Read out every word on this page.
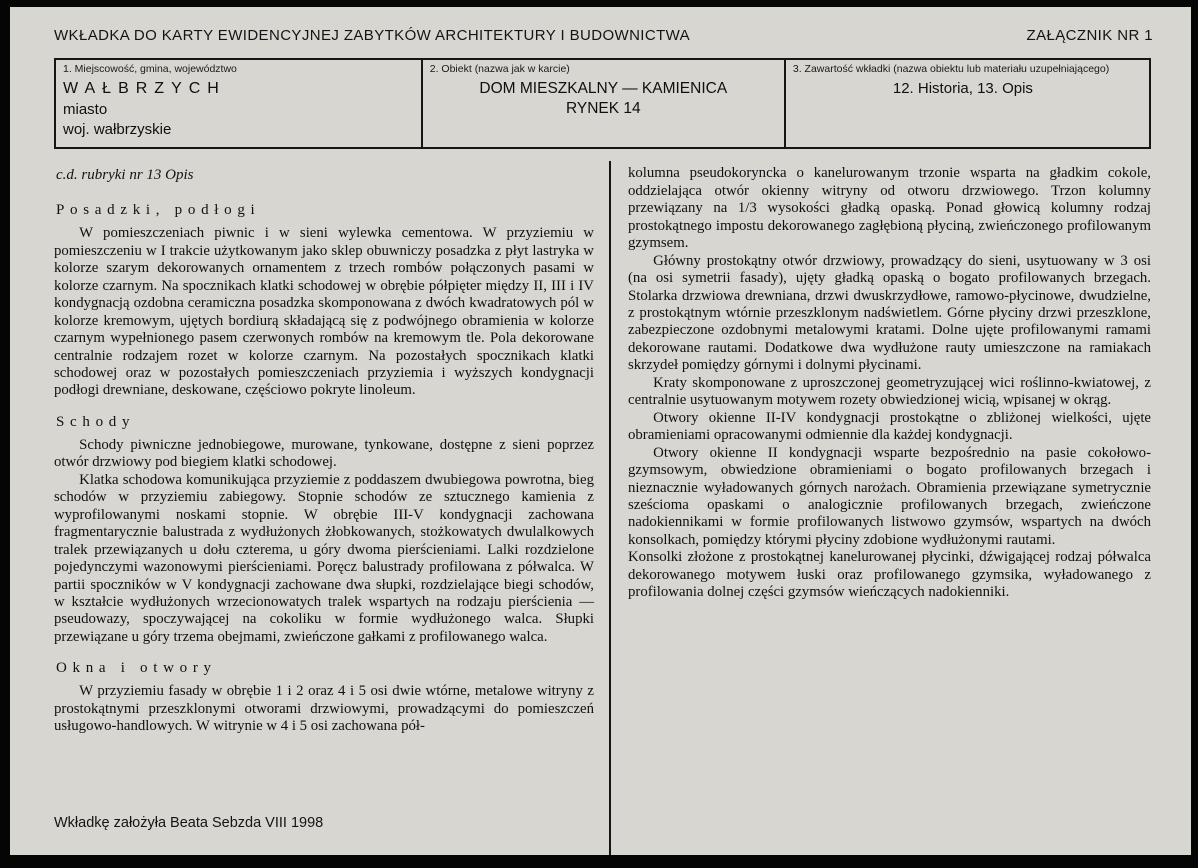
WKŁADKA DO KARTY EWIDENCYJNEJ ZABYTKÓW ARCHITEKTURY I BUDOWNICTWA	ZAŁĄCZNIK NR 1
1. Miejscowość, gmina, województwo
WAŁBRZYCH
miasto
woj. wałbrzyskie
2. Obiekt (nazwa jak w karcie)
DOM MIESZKALNY — KAMIENICA
RYNEK 14
3. Zawartość wkładki (nazwa obiektu lub materiału uzupełniającego)
12. Historia, 13. Opis
c.d. rubryki nr 13 Opis
Posadzki, podłogi

W pomieszczeniach piwnic i w sieni wylewka cementowa. W przyziemiu w pomieszczeniu w I trakcie użytkowanym jako sklep obuwniczy posadzka z płyt lastryka w kolorze szarym dekorowanych ornamentem z trzech rombów połączonych pasami w kolorze czarnym. Na spocznikach klatki schodowej w obrębie półpięter między II, III i IV kondygnacją ozdobna ceramiczna posadzka skomponowana z dwóch kwadratowych pól w kolorze kremowym, ujętych bordiurą składającą się z podwójnego obramienia w kolorze czarnym wypełnionego pasem czerwonych rombów na kremowym tle. Pola dekorowane centralnie rodzajem rozet w kolorze czarnym. Na pozostałych spocznikach klatki schodowej oraz w pozostałych pomieszczeniach przyziemia i wyższych kondygnacji podłogi drewniane, deskowane, częściowo pokryte linoleum.

Schody

Schody piwniczne jednobiegowe, murowane, tynkowane, dostępne z sieni poprzez otwór drzwiowy pod biegiem klatki schodowej.

Klatka schodowa komunikująca przyziemie z poddaszem dwubiegowa powrotna, bieg schodów w przyziemiu zabiegowy. Stopnie schodów ze sztucznego kamienia z wyprofilowanymi noskami stopnie. W obrębie III-V kondygnacji zachowana fragmentarycznie balustrada z wydłużonych żłobkowanych, stożkowatych dwulalkowych tralek przewiązanych u dołu czterema, u góry dwoma pierścieniami. Lalki rozdzielone pojedynczymi wazonowymi pierścieniami. Poręcz balustrady profilowana z półwalca. W partii spoczników w V kondygnacji zachowane dwa słupki, rozdzielające biegi schodów, w kształcie wydłużonych wrzecionowatych tralek wspartych na rodzaju pierścienia — pseudowazy, spoczywającej na cokoliku w formie wydłużonego walca. Słupki przewiązane u góry trzema obejmami, zwieńczone gałkami z profilowanego walca.

Okna i otwory

W przyziemiu fasady w obrębie 1 i 2 oraz 4 i 5 osi dwie wtórne, metalowe witryny z prostokątnymi przeszklonymi otworami drzwiowymi, prowadzącymi do pomieszczeń usługowo-handlowych. W witrynie w 4 i 5 osi zachowana pół-

kolumna pseudokoryncka o kanelurowanym trzonie wsparta na gładkim cokole, oddzielająca otwór okienny witryny od otworu drzwiowego. Trzon kolumny przewiązany na 1/3 wysokości gładką opaską. Ponad głowicą kolumny rodzaj prostokątnego impostu dekorowanego zagłębioną płyciną, zwieńczonego profilowanym gzymsem.

Główny prostokątny otwór drzwiowy, prowadzący do sieni, usytuowany w 3 osi (na osi symetrii fasady), ujęty gładką opaską o bogato profilowanych brzegach. Stolarka drzwiowa drewniana, drzwi dwuskrzydłowe, ramowo-płycinowe, dwudzielne, z prostokątnym wtórnie przeszklonym nadświetlem. Górne płyciny drzwi przeszklone, zabezpieczone ozdobnymi metalowymi kratami. Dolne ujęte profilowanymi ramami dekorowane rautami. Dodatkowe dwa wydłużone rauty umieszczone na ramiakach skrzydeł pomiędzy górnymi i dolnymi płycinami.

Kraty skomponowane z uproszczonej geometryzującej wici roślinno-kwiatowej, z centralnie usytuowanym motywem rozety obwiedzionej wicią, wpisanej w okrąg.

Otwory okienne II-IV kondygnacji prostokątne o zbliżonej wielkości, ujęte obramieniami opracowanymi odmiennie dla każdej kondygnacji.

Otwory okienne II kondygnacji wsparte bezpośrednio na pasie cokołowo-gzymsowym, obwiedzione obramieniami o bogato profilowanych brzegach i nieznacznie wyładowanych górnych narożach. Obramienia przewiązane symetrycznie sześcioma opaskami o analogicznie profilowanych brzegach, zwieńczone nadokiennikami w formie profilowanych listwowo gzymsów, wspartych na dwóch konsolkach, pomiędzy którymi płyciny zdobione wydłużonymi rautami.

Konsolki złożone z prostokątnej kanelurowanej płycinki, dźwigającej rodzaj półwalca dekorowanego motywem łuski oraz profilowanego gzymsika, wyładowanego z profilowania dolnej części gzymsów wieńczących nadokienniki.

Wkładkę założyła Beata Sebzda VIII 1998
